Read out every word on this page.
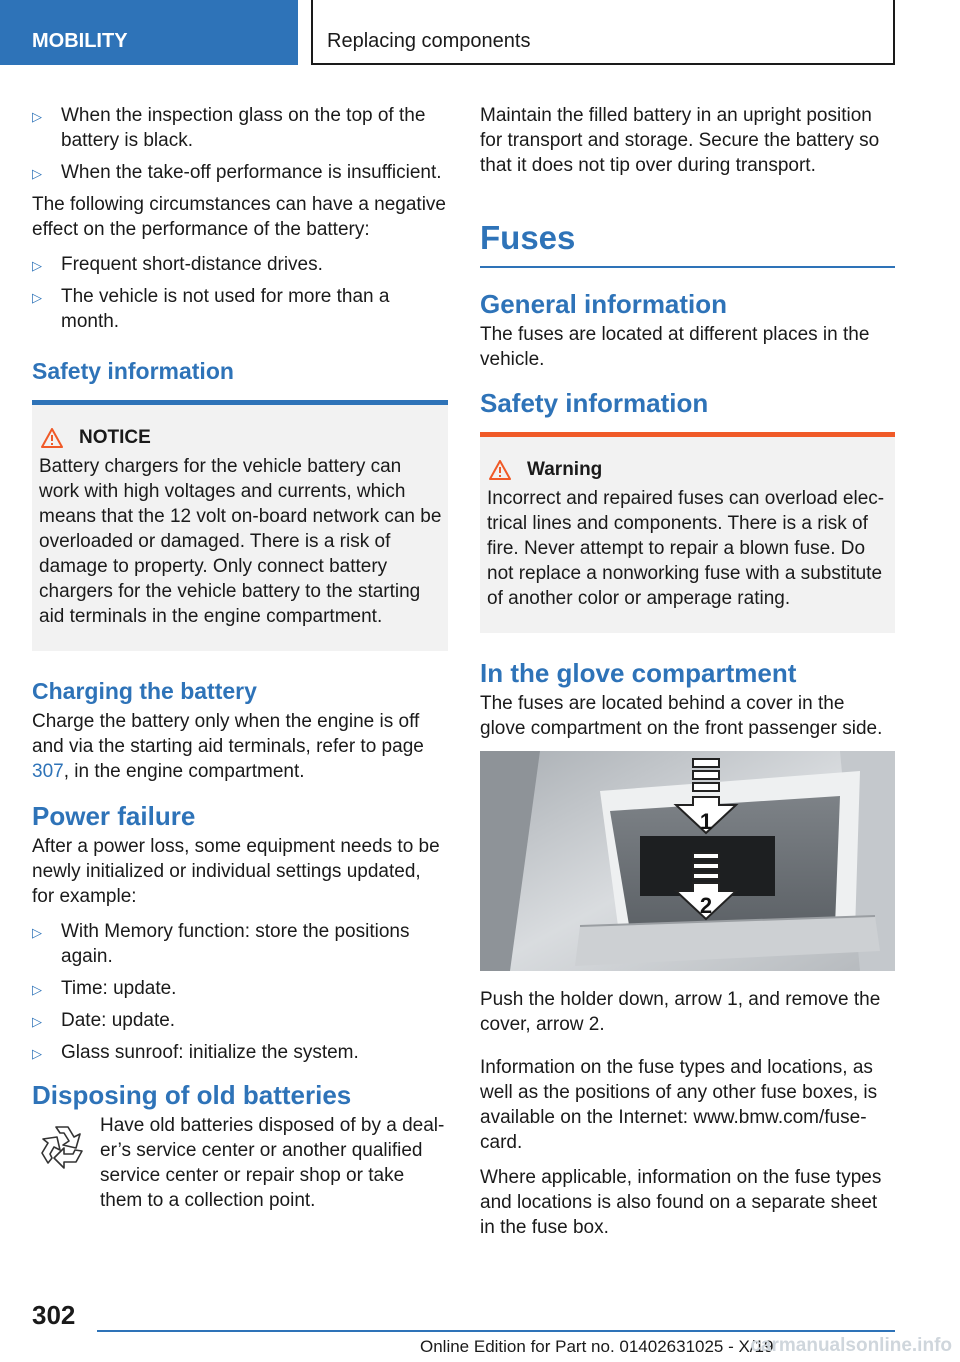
MOBILITY	Replacing components
▷ When the inspection glass on the top of the battery is black.
▷ When the take-off performance is insufficient.

The following circumstances can have a negative effect on the performance of the battery:

▷ Frequent short-distance drives.
▷ The vehicle is not used for more than a month.
Safety information
NOTICE

Battery chargers for the vehicle battery can work with high voltages and currents, which means that the 12 volt on-board network can be overloaded or damaged. There is a risk of damage to property. Only connect battery chargers for the vehicle battery to the starting aid terminals in the engine compartment.

Charging the battery

Charge the battery only when the engine is off and via the starting aid terminals, refer to page 307, in the engine compartment.

Power failure

After a power loss, some equipment needs to be newly initialized or individual settings updated, for example:

▷ With Memory function: store the positions again.
▷ Time: update.
▷ Date: update.
▷ Glass sunroof: initialize the system.
Disposing of old batteries

Have old batteries disposed of by a deal‐er’s service center or another qualified service center or repair shop or take them to a collection point.

Maintain the filled battery in an upright position for transport and storage. Secure the battery so that it does not tip over during transport.

Fuses
General information

The fuses are located at different places in the vehicle.

Safety information
Warning

Incorrect and repaired fuses can overload elec‐trical lines and components. There is a risk of fire. Never attempt to repair a blown fuse. Do not replace a nonworking fuse with a substitute of another color or amperage rating.

In the glove compartment

The fuses are located behind a cover in the glove compartment on the front passenger side.

1
2

Push the holder down, arrow 1, and remove the cover, arrow 2.

Information on the fuse types and locations, as well as the positions of any other fuse boxes, is available on the Internet: www.bmw.com/fuse‐card.

Where applicable, information on the fuse types and locations is also found on a separate sheet in the fuse box.

302
Online Edition for Part no. 01402631025 - X/19
carmanualsonline.info
